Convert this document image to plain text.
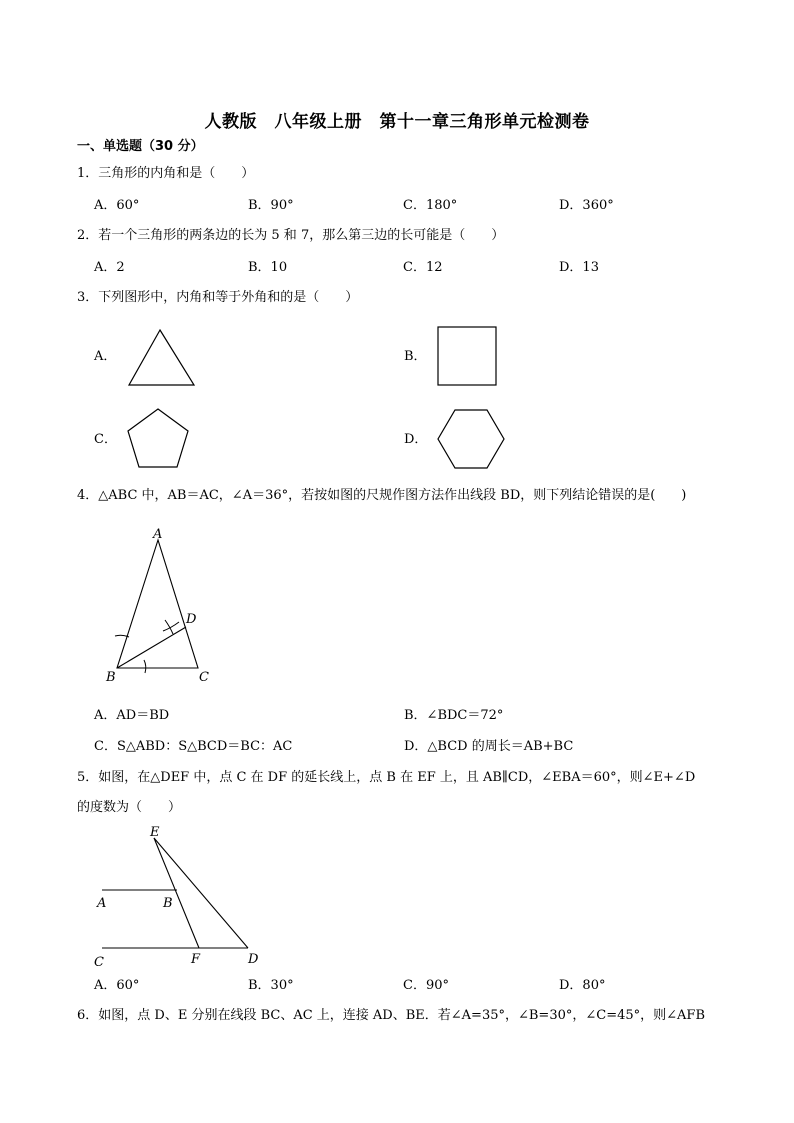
人教版　八年级上册　第十一章三角形单元检测卷
一、单选题（30 分）
1．三角形的内角和是（　　）
A．60°	B．90°	C．180°	D．360°
2．若一个三角形的两条边的长为 5 和 7，那么第三边的长可能是（　　）
A．2	B．10	C．12	D．13
3．下列图形中，内角和等于外角和的是（　　）
A．	B．
C．	D．
4．△ABC 中，AB＝AC，∠A＝36°，若按如图的尺规作图方法作出线段 BD，则下列结论错误的是(　　)
A
B	C
D
A．AD＝BD	B．∠BDC＝72°
C．S△ABD：S△BCD＝BC：AC	D．△BCD 的周长＝AB+BC
5．如图，在△DEF 中，点 C 在 DF 的延长线上，点 B 在 EF 上，且 AB∥CD，∠EBA＝60°，则∠E+∠D
的度数为（　　）
E
A	B
C	F	D
A．60°	B．30°	C．90°	D．80°
6．如图，点 D、E 分别在线段 BC、AC 上，连接 AD、BE．若∠A=35°，∠B=30°，∠C=45°，则∠AFB
